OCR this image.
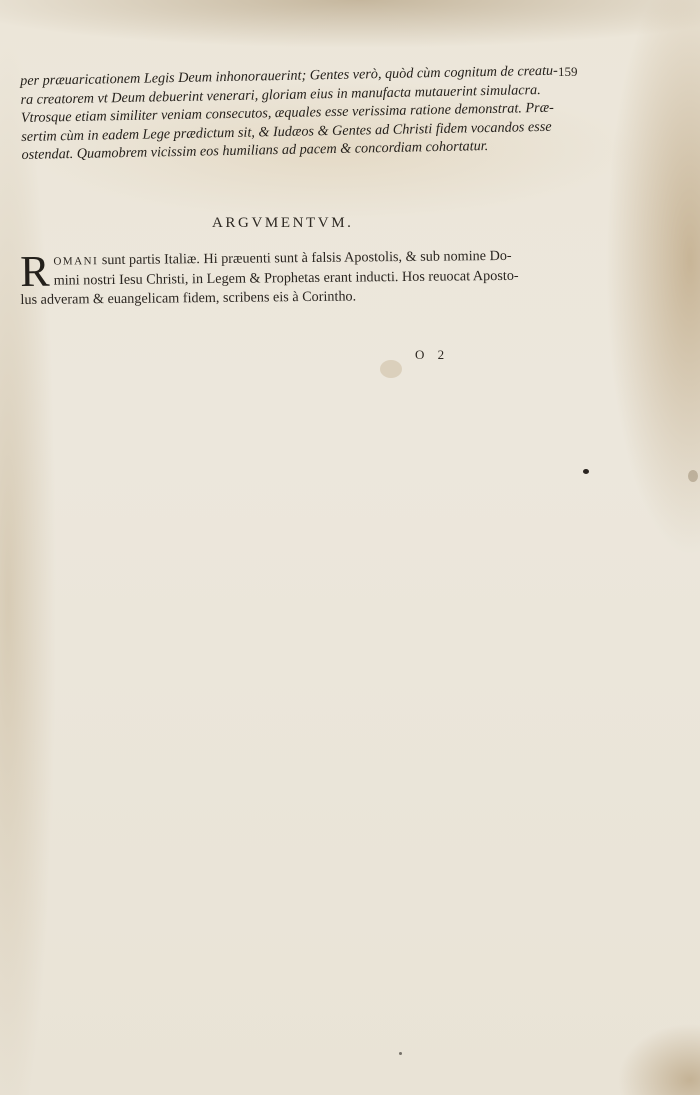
159
per præuaricationem Legis Deum inhonorauerint; Gentes verò, quòd cùm cognitum de creatu-
ra creatorem vt Deum debuerint venerari, gloriam eius in manufacta mutauerint simulacra.
Vtrosque etiam similiter veniam consecutos, æquales esse verissima ratione demonstrat. Præ-
sertim cùm in eadem Lege prædictum sit, & Iudæos & Gentes ad Christi fidem vocandos esse
ostendat. Quamobrem vicissim eos humilians ad pacem & concordiam cohortatur.
ARGVMENTVM.
R OMANI sunt partis Italiæ. Hi præuenti sunt à falsis Apostolis, & sub nomine Do-
mini nostri Iesu Christi, in Legem & Prophetas erant inducti. Hos reuocat Aposto-
lus adveram & euangelicam fidem, scribens eis à Corintho.
O 2
